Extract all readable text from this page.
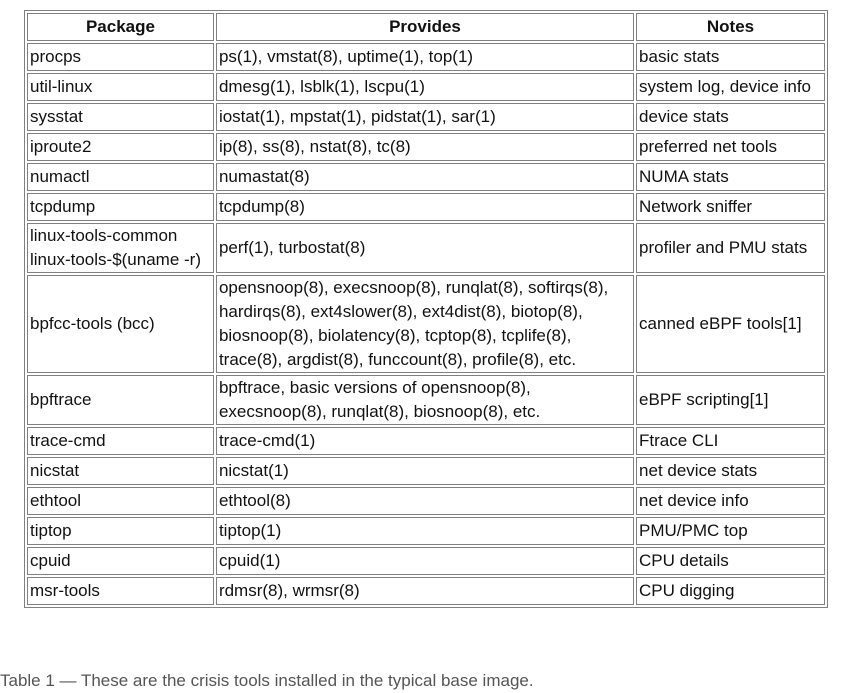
Package	Provides	Notes

procps	ps(1), vmstat(8), uptime(1), top(1)	basic stats

util-linux	dmesg(1), lsblk(1), lscpu(1)	system log, device info

sysstat	iostat(1), mpstat(1), pidstat(1), sar(1)	device stats

iproute2	ip(8), ss(8), nstat(8), tc(8)	preferred net tools

numactl	numastat(8)	NUMA stats

tcpdump	tcpdump(8)	Network sniffer

linux-tools-common
linux-tools-$(uname -r)	perf(1), turbostat(8)	profiler and PMU stats

bpfcc-tools (bcc)	opensnoop(8), execsnoop(8), runqlat(8), softirqs(8),
hardirqs(8), ext4slower(8), ext4dist(8), biotop(8),
biosnoop(8), biolatency(8), tcptop(8), tcplife(8),
trace(8), argdist(8), funccount(8), profile(8), etc.	canned eBPF tools[1]

bpftrace	bpftrace, basic versions of opensnoop(8),
execsnoop(8), runqlat(8), biosnoop(8), etc.	eBPF scripting[1]

trace-cmd	trace-cmd(1)	Ftrace CLI

nicstat	nicstat(1)	net device stats

ethtool	ethtool(8)	net device info

tiptop	tiptop(1)	PMU/PMC top

cpuid	cpuid(1)	CPU details

msr-tools	rdmsr(8), wrmsr(8)	CPU digging
Table 1 — These are the crisis tools installed in the typical base image.
